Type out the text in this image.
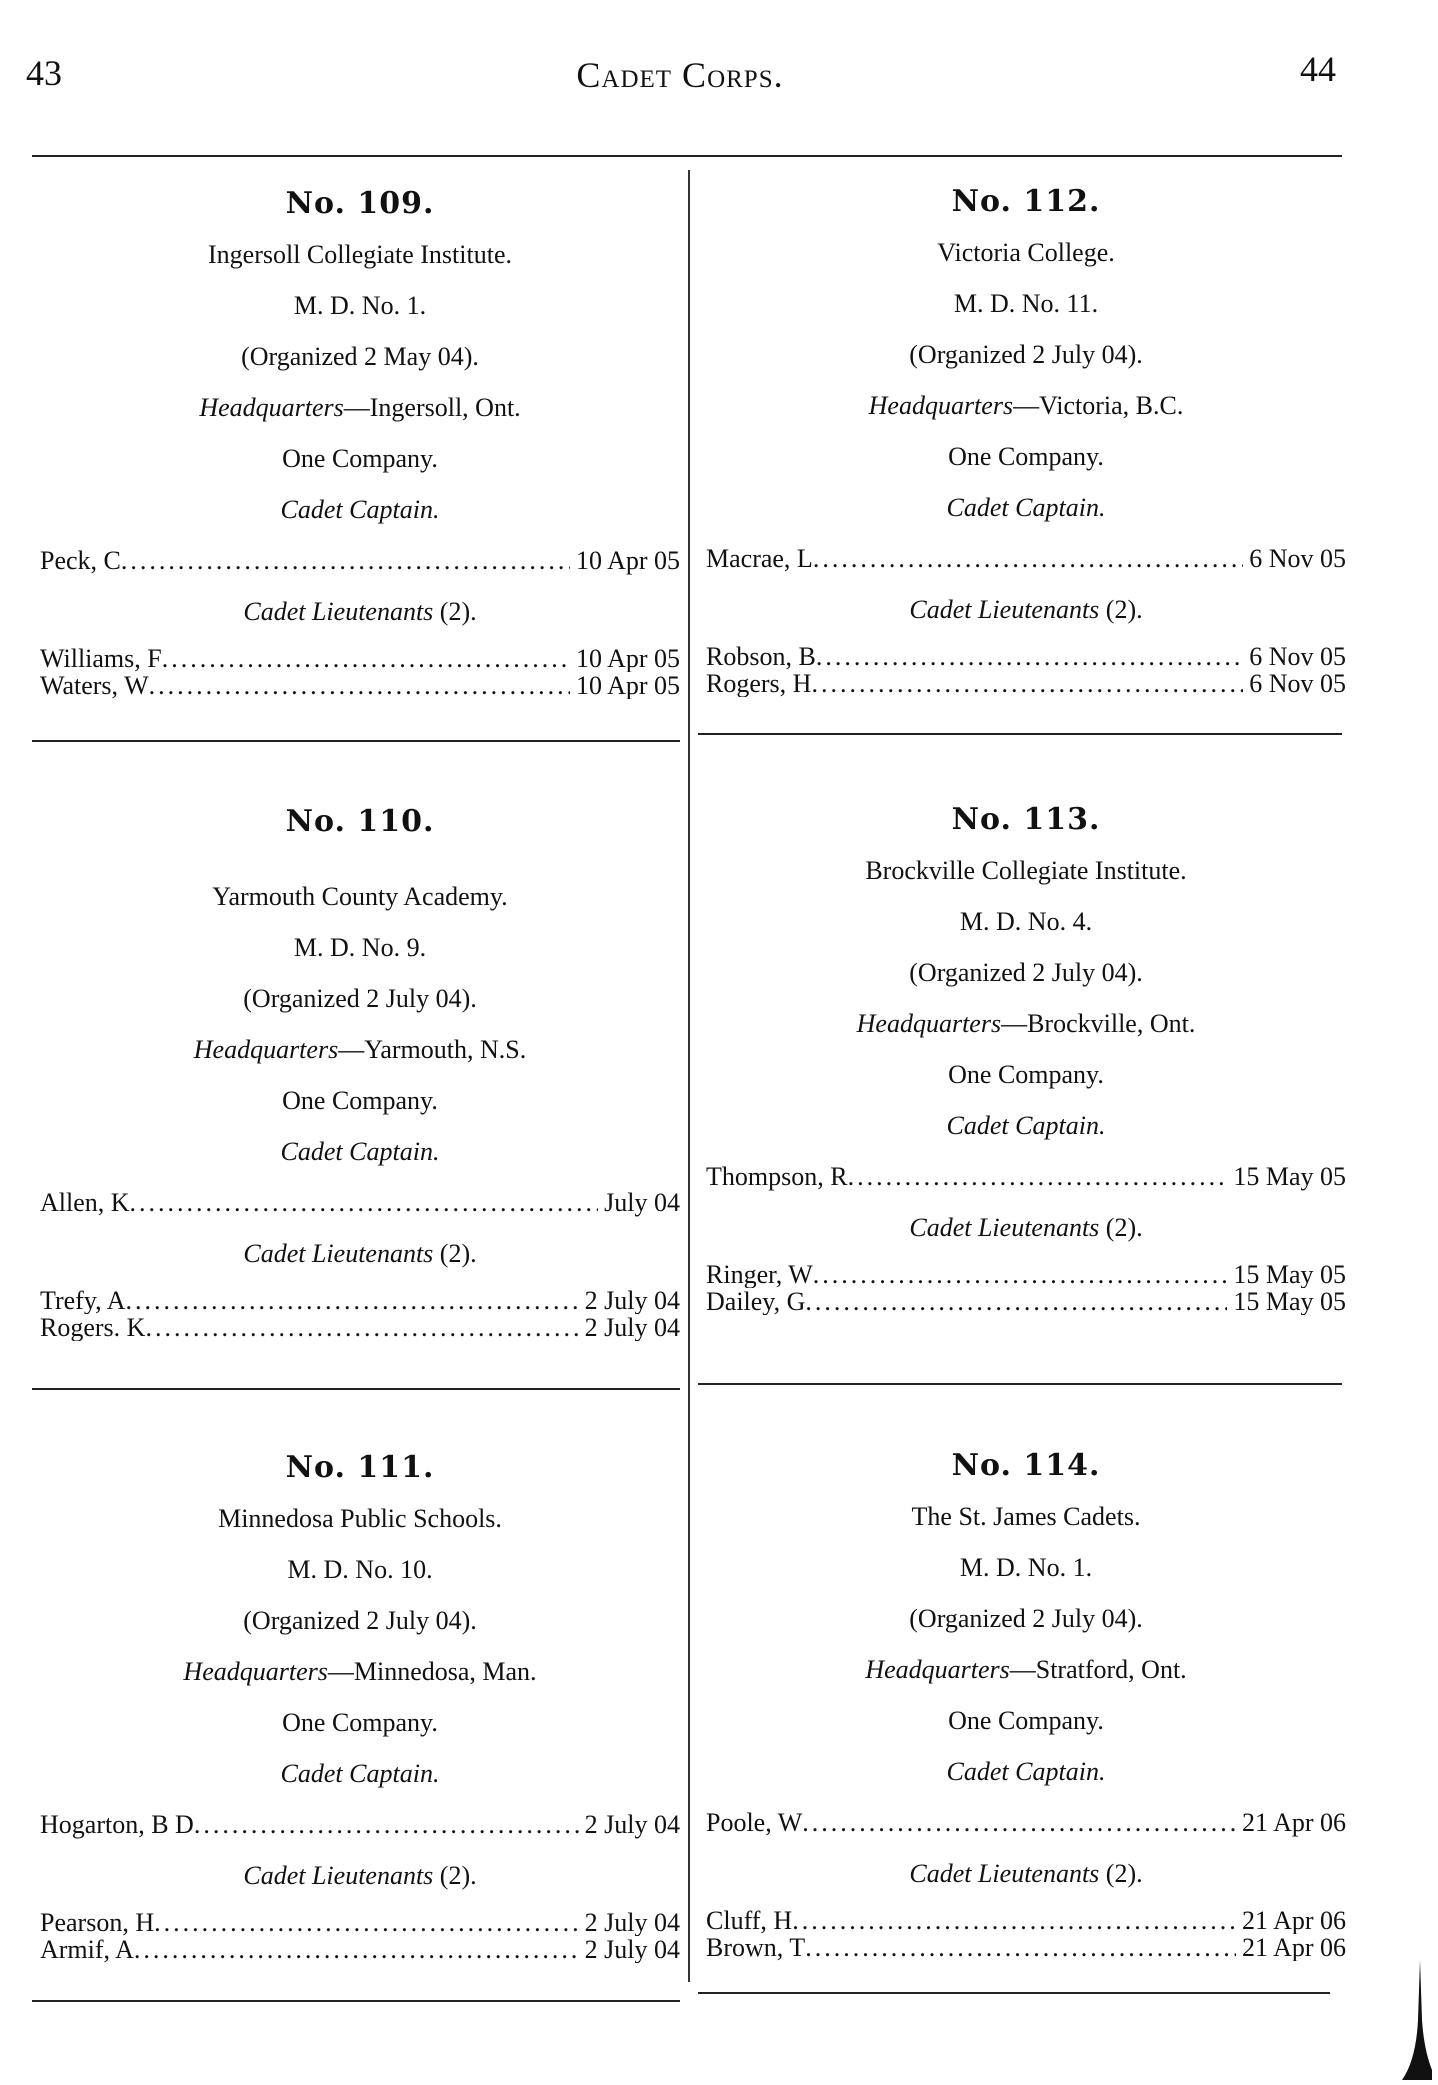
43	Cadet Corps.	44
No. 109.
Ingersoll Collegiate Institute.
M. D. No. 1.
(Organized 2 May 04).
Headquarters—Ingersoll, Ont.
One Company.
Cadet Captain.
Peck, C .....	10 Apr 05
Cadet Lieutenants (2).
Williams, F .....	10 Apr 05
Waters, W .....	10 Apr 05
No. 110.
Yarmouth County Academy.
M. D. No. 9.
(Organized 2 July 04).
Headquarters—Yarmouth, N.S.
One Company.
Cadet Captain.
Allen, K .....	July 04
Cadet Lieutenants (2).
Trefy, A .....	2 July 04
Rogers. K .....	2 July 04
No. 111.
Minnedosa Public Schools.
M. D. No. 10.
(Organized 2 July 04).
Headquarters—Minnedosa, Man.
One Company.
Cadet Captain.
Hogarton, B D .....	2 July 04
Cadet Lieutenants (2).
Pearson, H .....	2 July 04
Armif, A .....	2 July 04
No. 112.
Victoria College.
M. D. No. 11.
(Organized 2 July 04).
Headquarters—Victoria, B.C.
One Company.
Cadet Captain.
Macrae, L .....	6 Nov 05
Cadet Lieutenants (2).
Robson, B .....	6 Nov 05
Rogers, H .....	6 Nov 05
No. 113.
Brockville Collegiate Institute.
M. D. No. 4.
(Organized 2 July 04).
Headquarters—Brockville, Ont.
One Company.
Cadet Captain.
Thompson, R .....	15 May 05
Cadet Lieutenants (2).
Ringer, W .....	15 May 05
Dailey, G .....	15 May 05
No. 114.
The St. James Cadets.
M. D. No. 1.
(Organized 2 July 04).
Headquarters—Stratford, Ont.
One Company.
Cadet Captain.
Poole, W .....	21 Apr 06
Cadet Lieutenants (2).
Cluff, H .....	21 Apr 06
Brown, T .....	21 Apr 06
